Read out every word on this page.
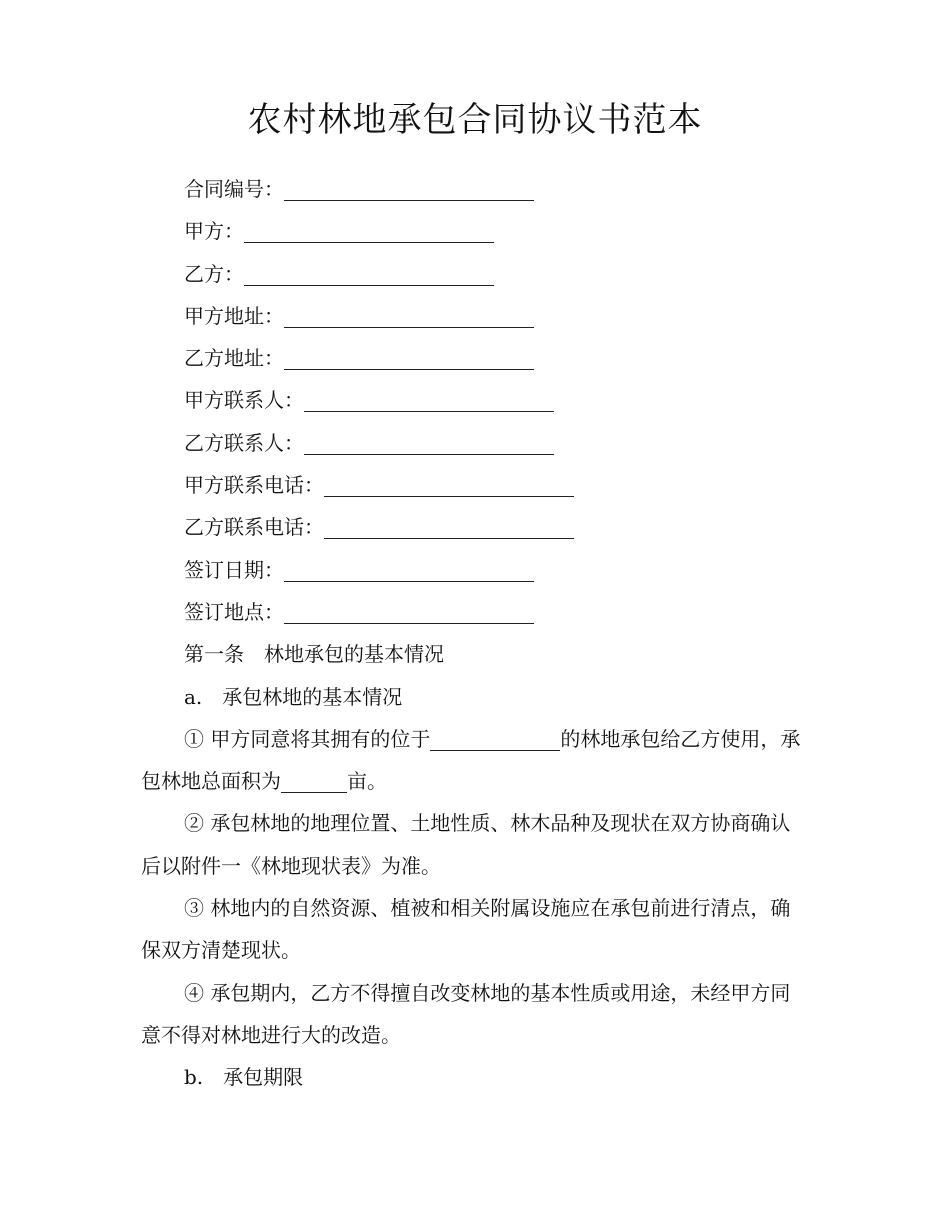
农村林地承包合同协议书范本
合同编号：
甲方：
乙方：
甲方地址：
乙方地址：
甲方联系人：
乙方联系人：
甲方联系电话：
乙方联系电话：
签订日期：
签订地点：
第一条　林地承包的基本情况
a.　承包林地的基本情况
① 甲方同意将其拥有的位于	的林地承包给乙方使用，承包林地总面积为	亩。
② 承包林地的地理位置、土地性质、林木品种及现状在双方协商确认后以附件一《林地现状表》为准。
③ 林地内的自然资源、植被和相关附属设施应在承包前进行清点，确保双方清楚现状。
④ 承包期内，乙方不得擅自改变林地的基本性质或用途，未经甲方同意不得对林地进行大的改造。
b.　承包期限
